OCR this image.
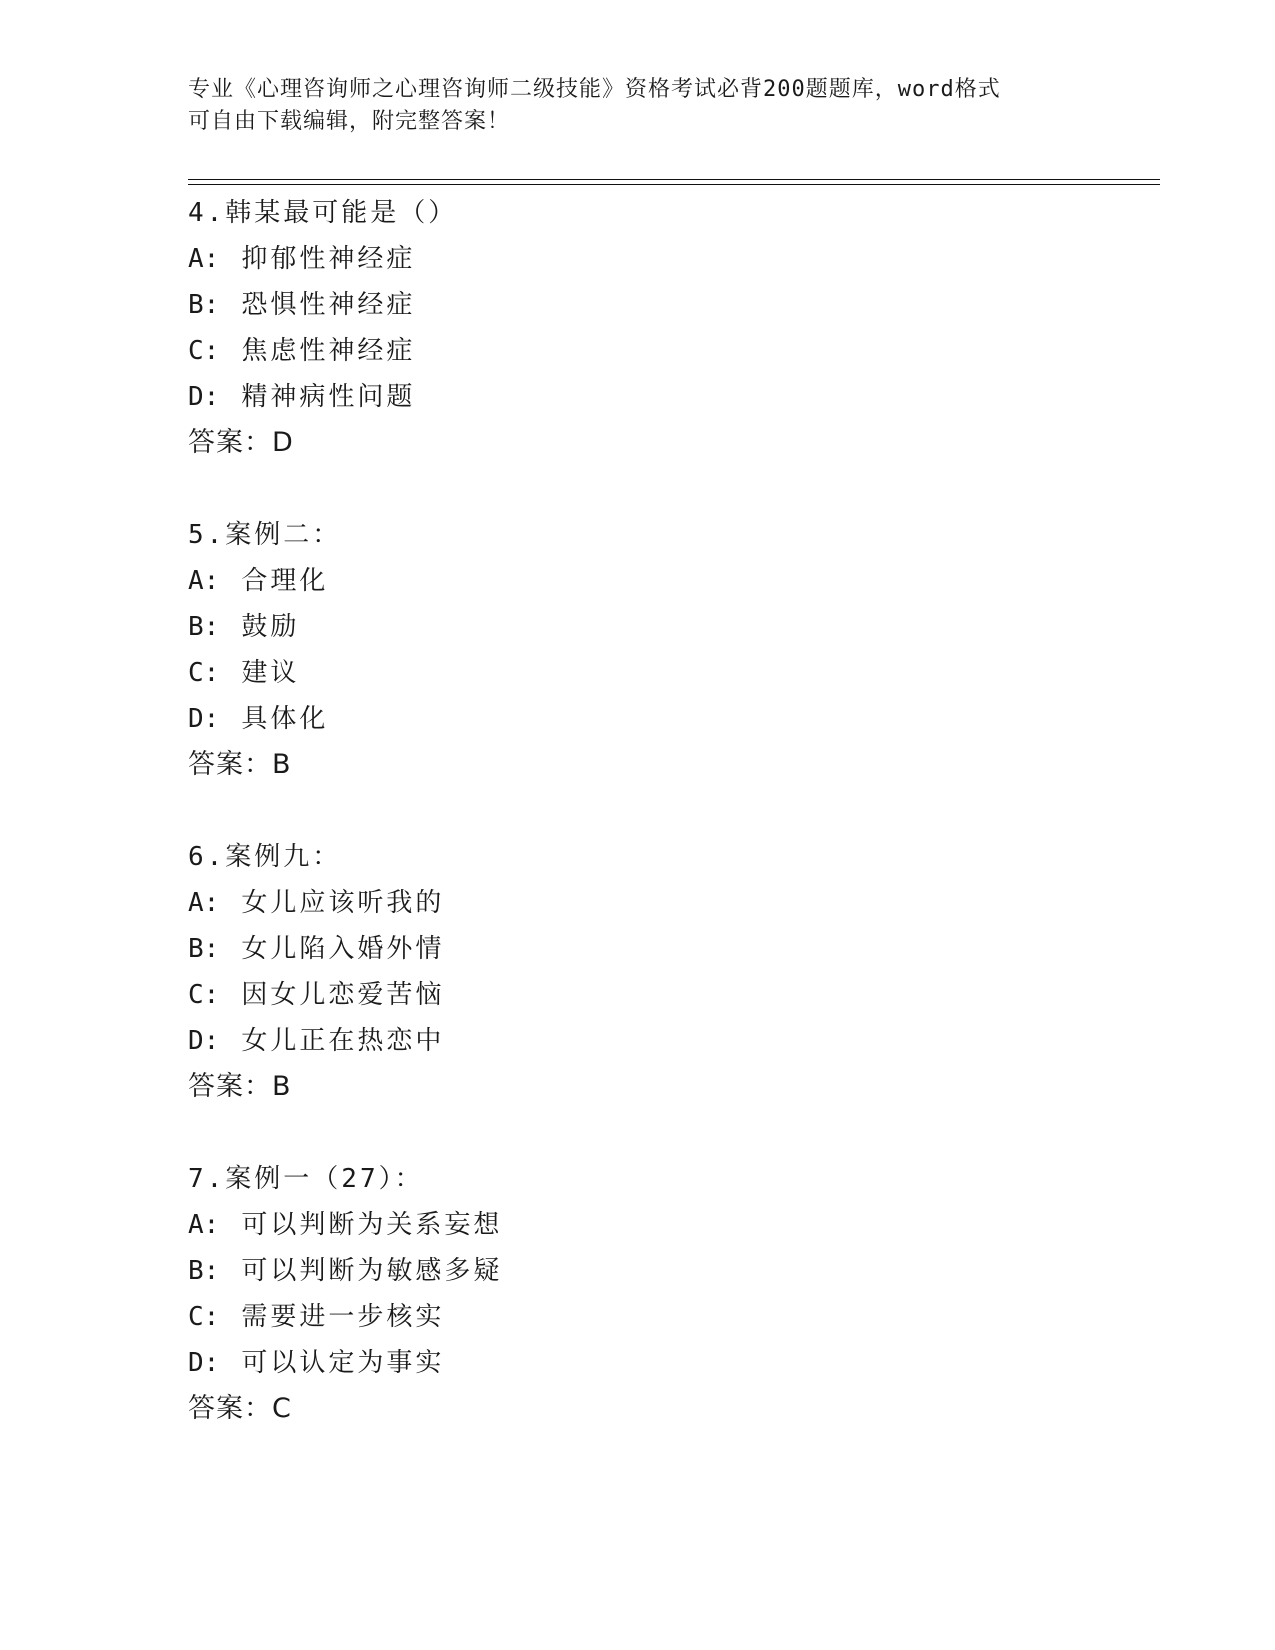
专业《心理咨询师之心理咨询师二级技能》资格考试必背200题题库，word格式
可自由下载编辑，附完整答案！
4.韩某最可能是（）
A: 抑郁性神经症
B: 恐惧性神经症
C: 焦虑性神经症
D: 精神病性问题
答案：D
5.案例二：
A: 合理化
B: 鼓励
C: 建议
D: 具体化
答案：B
6.案例九：
A: 女儿应该听我的
B: 女儿陷入婚外情
C: 因女儿恋爱苦恼
D: 女儿正在热恋中
答案：B
7.案例一（27）：
A: 可以判断为关系妄想
B: 可以判断为敏感多疑
C: 需要进一步核实
D: 可以认定为事实
答案：C
